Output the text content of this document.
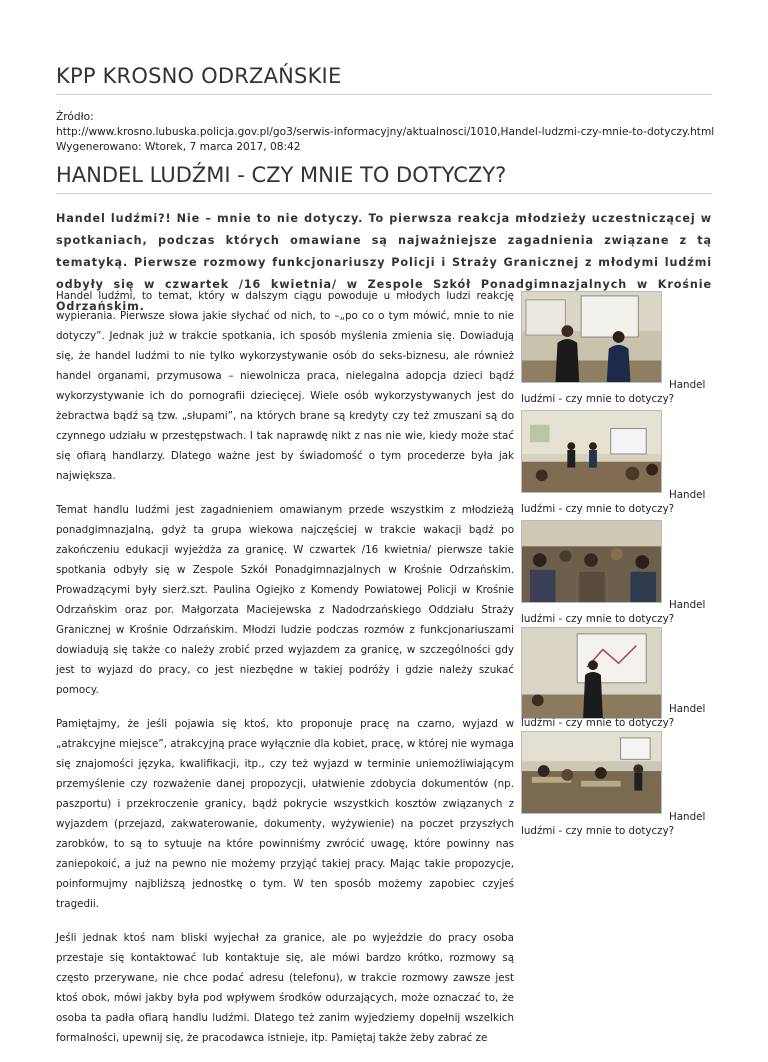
KPP KROSNO ODRZAŃSKIE
Źródło:
http://www.krosno.lubuska.policja.gov.pl/go3/serwis-informacyjny/aktualnosci/1010,Handel-ludzmi-czy-mnie-to-dotyczy.html
Wygenerowano: Wtorek, 7 marca 2017, 08:42
HANDEL LUDŹMI - CZY MNIE TO DOTYCZY?

Handel ludźmi?! Nie – mnie to nie dotyczy. To pierwsza reakcja młodzieży uczestniczącej w spotkaniach, podczas których omawiane są najważniejsze zagadnienia związane z tą tematyką. Pierwsze rozmowy funkcjonariuszy Policji i Straży Granicznej z młodymi ludźmi odbyły się w czwartek /16 kwietnia/ w Zespole Szkół Ponadgimnazjalnych w Krośnie Odrzańskim.

Handel ludźmi, to temat, który w dalszym ciągu powoduje u młodych ludzi reakcję wypierania. Pierwsze słowa jakie słychać od nich, to –„po co o tym mówić, mnie to nie dotyczy”. Jednak już w trakcie spotkania, ich sposób myślenia zmienia się. Dowiadują się, że handel ludźmi to nie tylko wykorzystywanie osób do seks-biznesu, ale również handel organami, przymusowa – niewolnicza praca, nielegalna adopcja dzieci bądź wykorzystywanie ich do pornografii dziecięcej. Wiele osób wykorzystywanych jest do żebractwa bądź są tzw. „słupami”, na których brane są kredyty czy też zmuszani są do czynnego udziału w przestępstwach. I tak naprawdę nikt z nas nie wie, kiedy może stać się ofiarą handlarzy. Dlatego ważne jest by świadomość o tym procederze była jak największa.

Temat handlu ludźmi jest zagadnieniem omawianym przede wszystkim z młodzieżą ponadgimnazjalną, gdyż ta grupa wiekowa najczęściej w trakcie wakacji bądź po zakończeniu edukacji wyjeżdża za granicę. W czwartek /16 kwietnia/ pierwsze takie spotkania odbyły się w Zespole Szkół Ponadgimnazjalnych w Krośnie Odrzańskim. Prowadzącymi były sierż.szt. Paulina Ogiejko z Komendy Powiatowej Policji w Krośnie Odrzańskim oraz por. Małgorzata Maciejewska z Nadodrzańskiego Oddziału Straży Granicznej w Krośnie Odrzańskim. Młodzi ludzie podczas rozmów z funkcjonariuszami dowiadują się także co należy zrobić przed wyjazdem za granicę, w szczególności gdy jest to wyjazd do pracy, co jest niezbędne w takiej podróży i gdzie należy szukać pomocy.

Pamiętajmy, że jeśli pojawia się ktoś, kto proponuje pracę na czarno, wyjazd w „atrakcyjne miejsce”, atrakcyjną prace wyłącznie dla kobiet, pracę, w której nie wymaga się znajomości języka, kwalifikacji, itp., czy też wyjazd w terminie uniemożliwiającym przemyślenie czy rozważenie danej propozycji, ułatwienie zdobycia dokumentów (np. paszportu) i przekroczenie granicy, bądź pokrycie wszystkich kosztów związanych z wyjazdem (przejazd, zakwaterowanie, dokumenty, wyżywienie) na poczet przyszłych zarobków, to są to sytuuje na które powinniśmy zwrócić uwagę, które powinny nas zaniepokoić, a już na pewno nie możemy przyjąć takiej pracy. Mając takie propozycje, poinformujmy najbliższą jednostkę o tym. W ten sposób możemy zapobiec czyjeś tragedii.

Jeśli jednak ktoś nam bliski wyjechał za granice, ale po wyjeździe do pracy osoba przestaje się kontaktować lub kontaktuje się, ale mówi bardzo krótko, rozmowy są często przerywane, nie chce podać adresu (telefonu), w trakcie rozmowy zawsze jest ktoś obok, mówi jakby była pod wpływem środków odurzających, może oznaczać to, że osoba ta padła ofiarą handlu ludźmi. Dlatego też zanim wyjedziemy dopełnij wszelkich formalności, upewnij się, że pracodawca istnieje, itp. Pamiętaj także żeby zabrać ze

Handel
ludźmi - czy mnie to dotyczy?
Handel
ludźmi - czy mnie to dotyczy?
Handel
ludźmi - czy mnie to dotyczy?
Handel
ludźmi - czy mnie to dotyczy?
Handel
ludźmi - czy mnie to dotyczy?
